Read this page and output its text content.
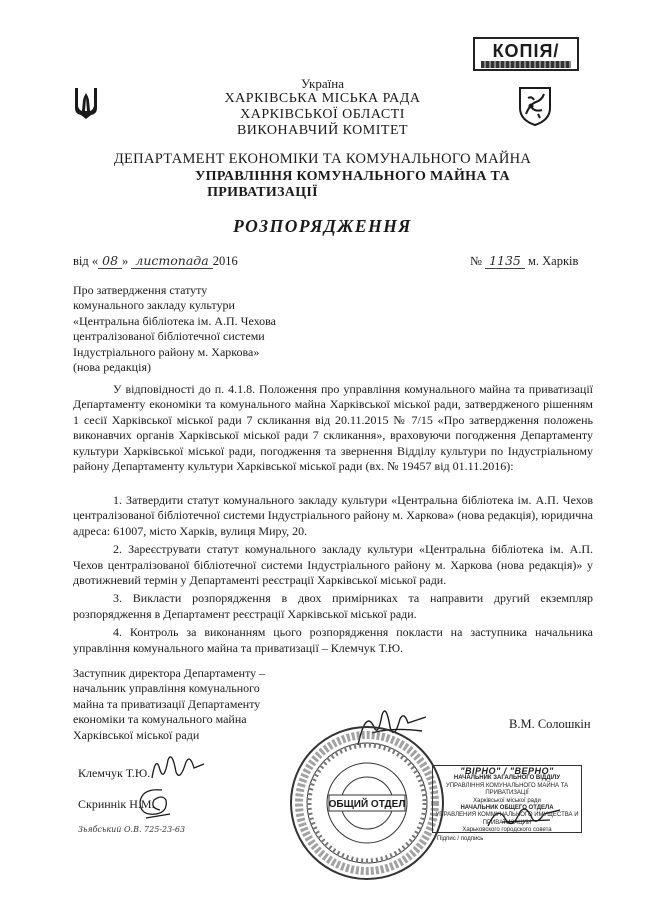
КОПІЯ/
Україна
ХАРКІВСЬКА МІСЬКА РАДА
ХАРКІВСЬКОЇ ОБЛАСТІ
ВИКОНАВЧИЙ КОМІТЕТ
ДЕПАРТАМЕНТ ЕКОНОМІКИ ТА КОМУНАЛЬНОГО МАЙНА
УПРАВЛІННЯ КОМУНАЛЬНОГО МАЙНА ТА
ПРИВАТИЗАЦІЇ
РОЗПОРЯДЖЕННЯ
від « 08 » листопада 2016	№ 1135 м. Харків
Про затвердження статуту
комунального закладу культури
«Центральна бібліотека ім. А.П. Чехова
централізованої бібліотечної системи
Індустріального району м. Харкова»
(нова редакція)
У відповідності до п. 4.1.8. Положення про управління комунального майна та приватизації Департаменту економіки та комунального майна Харківської міської ради, затвердженого рішенням 1 сесії Харківської міської ради 7 скликання від 20.11.2015 № 7/15 «Про затвердження положень виконавчих органів Харківської міської ради 7 скликання», враховуючи погодження Департаменту культури Харківської міської ради, погодження та звернення Відділу культури по Індустріальному району Департаменту культури Харківської міської ради (вх. № 19457 від 01.11.2016):

1. Затвердити статут комунального закладу культури «Центральна бібліотека ім. А.П. Чехов централізованої бібліотечної системи Індустріального району м. Харкова» (нова редакція), юридична адреса: 61007, місто Харків, вулиця Миру, 20.

2. Зареєструвати статут комунального закладу культури «Центральна бібліотека ім. А.П. Чехов централізованої бібліотечної системи Індустріального району м. Харкова (нова редакція)» у двотижневий термін у Департаменті реєстрації Харківської міської ради.

3. Викласти розпорядження в двох примірниках та направити другий екземпляр розпорядження в Департамент реєстрації Харківської міської ради.

4. Контроль за виконанням цього розпорядження покласти на заступника начальника управління комунального майна та приватизації – Клемчук Т.Ю.

Заступник директора Департаменту –
начальник управління комунального
майна та приватизації Департаменту
економіки та комунального майна
Харківської міської ради
В.М. Солошкін
Клемчук Т.Ю.
Скриннік Н.М.
Зьябський О.В. 725-23-63
ОБЩИЙ ОТДЕЛ
"ВІРНО" / "ВЕРНО"
НАЧАЛЬНИК ЗАГАЛЬНОГО ВІДДІЛУ
УПРАВЛІННЯ КОМУНАЛЬНОГО МАЙНА ТА ПРИВАТИЗАЦІЇ
Харківської міської ради
НАЧАЛЬНИК ОБЩЕГО ОТДЕЛА
УПРАВЛЕНИЯ КОММУНАЛЬНОГО ИМУЩЕСТВА И ПРИВАТИЗАЦИИ
Харьковского городского совета
Підпис / подпись
